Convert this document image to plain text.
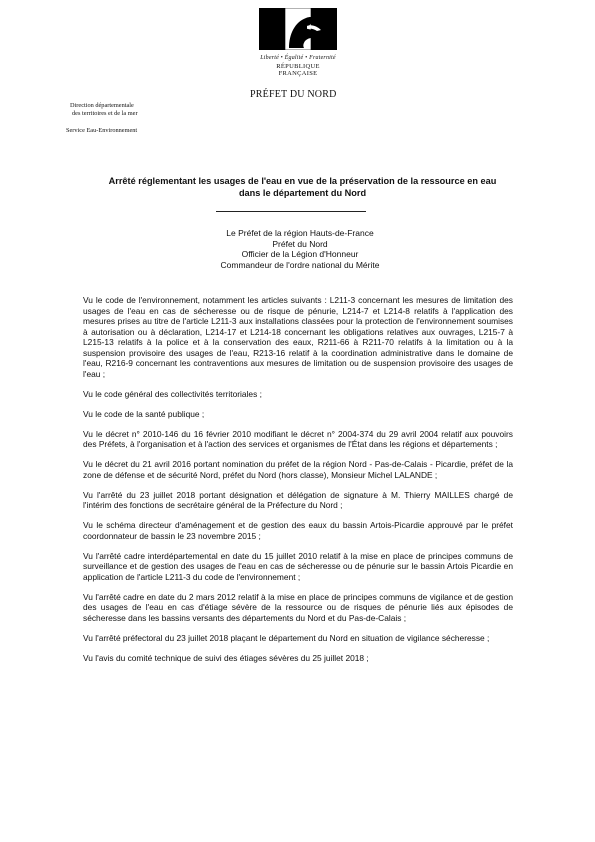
Liberté • Égalité • Fraternité
RÉPUBLIQUE FRANÇAISE
PRÉFET DU NORD
Direction départementale
des territoires et de la mer
Service Eau-Environnement
Arrêté réglementant les usages de l'eau en vue de la préservation de la ressource en eau
dans le département du Nord
Le Préfet de la région Hauts-de-France
Préfet du Nord
Officier de la Légion d'Honneur
Commandeur de l'ordre national du Mérite

Vu le code de l'environnement, notamment les articles suivants : L211-3 concernant les mesures de limitation des usages de l'eau en cas de sécheresse ou de risque de pénurie, L214-7 et L214-8 relatifs à l'application des mesures prises au titre de l'article L211-3 aux installations classées pour la protection de l'environnement soumises à autorisation ou à déclaration, L214-17 et L214-18 concernant les obligations relatives aux ouvrages, L215-7 à L215-13 relatifs à la police et à la conservation des eaux, R211-66 à R211-70 relatifs à la limitation ou à la suspension provisoire des usages de l'eau, R213-16 relatif à la coordination administrative dans le domaine de l'eau, R216-9 concernant les contraventions aux mesures de limitation ou de suspension provisoire des usages de l'eau ;

Vu le code général des collectivités territoriales ;

Vu le code de la santé publique ;

Vu le décret n° 2010-146 du 16 février 2010 modifiant le décret n° 2004-374 du 29 avril 2004 relatif aux pouvoirs des Préfets, à l'organisation et à l'action des services et organismes de l'État dans les régions et départements ;

Vu le décret du 21 avril 2016 portant nomination du préfet de la région Nord - Pas-de-Calais - Picardie, préfet de la zone de défense et de sécurité Nord, préfet du Nord (hors classe), Monsieur Michel LALANDE ;

Vu l'arrêté du 23 juillet 2018 portant désignation et délégation de signature à M. Thierry MAILLES chargé de l'intérim des fonctions de secrétaire général de la Préfecture du Nord ;

Vu le schéma directeur d'aménagement et de gestion des eaux du bassin Artois-Picardie approuvé par le préfet coordonnateur de bassin le 23 novembre 2015 ;

Vu l'arrêté cadre interdépartemental en date du 15 juillet 2010 relatif à la mise en place de principes communs de surveillance et de gestion des usages de l'eau en cas de sécheresse ou de pénurie sur le bassin Artois Picardie en application de l'article L211-3 du code de l'environnement ;

Vu l'arrêté cadre en date du 2 mars 2012 relatif à la mise en place de principes communs de vigilance et de gestion des usages de l'eau en cas d'étiage sévère de la ressource ou de risques de pénurie liés aux épisodes de sécheresse dans les bassins versants des départements du Nord et du Pas-de-Calais ;

Vu l'arrêté préfectoral du 23 juillet 2018 plaçant le département du Nord en situation de vigilance sécheresse ;

Vu l'avis du comité technique de suivi des étiages sévères du 25 juillet 2018 ;
